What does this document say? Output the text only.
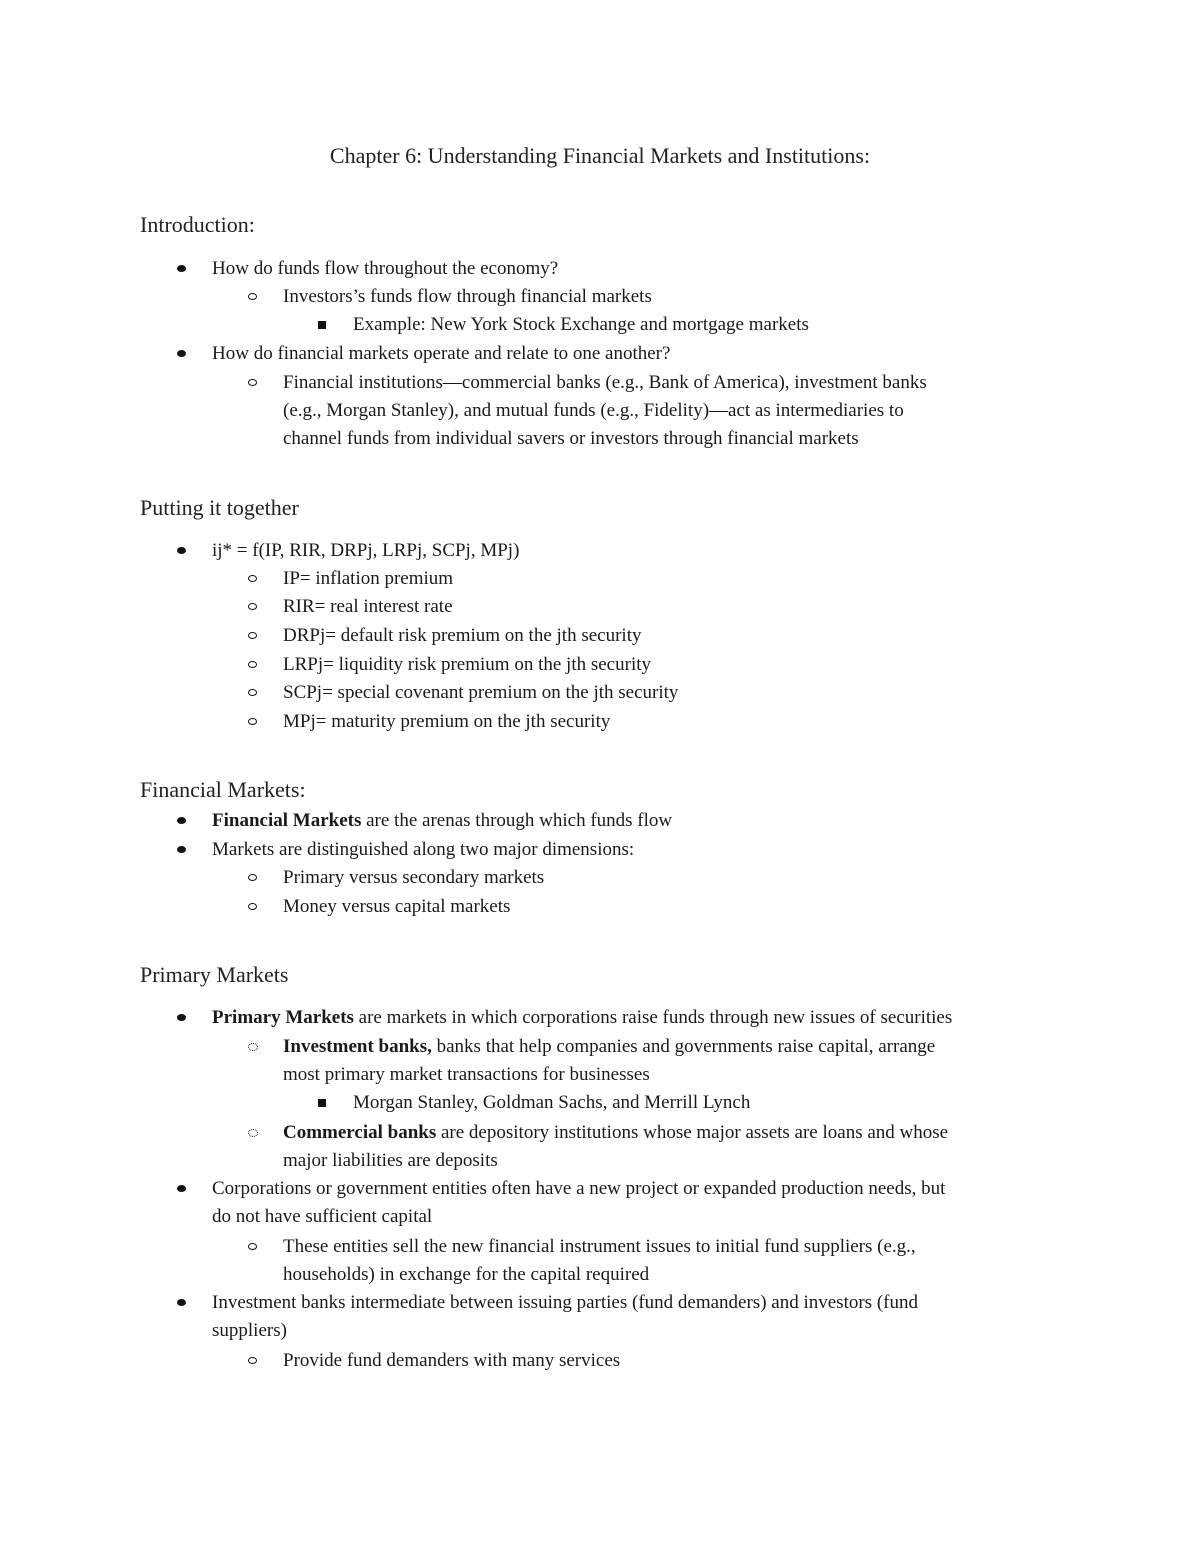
Chapter 6: Understanding Financial Markets and Institutions:
Introduction:
How do funds flow throughout the economy?
Investors’s funds flow through financial markets
Example: New York Stock Exchange and mortgage markets
How do financial markets operate and relate to one another?
Financial institutions—commercial banks (e.g., Bank of America), investment banks
(e.g., Morgan Stanley), and mutual funds (e.g., Fidelity)—act as intermediaries to
channel funds from individual savers or investors through financial markets
Putting it together
ij* = f(IP, RIR, DRPj, LRPj, SCPj, MPj)
IP= inflation premium
RIR= real interest rate
DRPj= default risk premium on the jth security
LRPj= liquidity risk premium on the jth security
SCPj= special covenant premium on the jth security
MPj= maturity premium on the jth security
Financial Markets:
Financial Markets are the arenas through which funds flow
Markets are distinguished along two major dimensions:
Primary versus secondary markets
Money versus capital markets
Primary Markets
Primary Markets are markets in which corporations raise funds through new issues of securities
Investment banks, banks that help companies and governments raise capital, arrange
most primary market transactions for businesses
Morgan Stanley, Goldman Sachs, and Merrill Lynch
Commercial banks are depository institutions whose major assets are loans and whose
major liabilities are deposits
Corporations or government entities often have a new project or expanded production needs, but
do not have sufficient capital
These entities sell the new financial instrument issues to initial fund suppliers (e.g.,
households) in exchange for the capital required
Investment banks intermediate between issuing parties (fund demanders) and investors (fund
suppliers)
Provide fund demanders with many services
